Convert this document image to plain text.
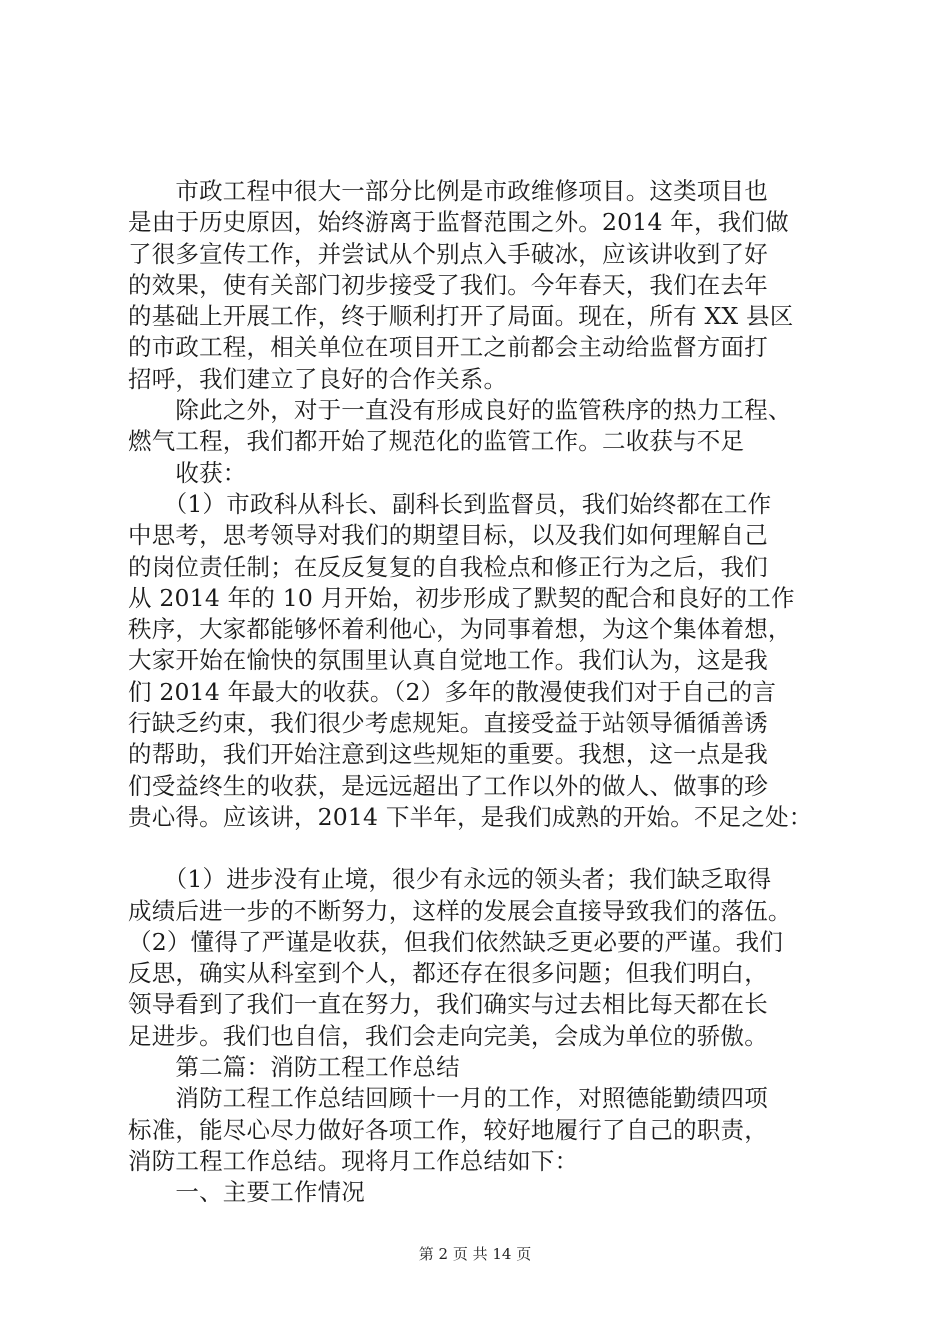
　　市政工程中很大一部分比例是市政维修项目。这类项目也
是由于历史原因，始终游离于监督范围之外。2014 年，我们做
了很多宣传工作，并尝试从个别点入手破冰，应该讲收到了好
的效果，使有关部门初步接受了我们。今年春天，我们在去年
的基础上开展工作，终于顺利打开了局面。现在，所有 XX 县区
的市政工程，相关单位在项目开工之前都会主动给监督方面打
招呼，我们建立了良好的合作关系。
　　除此之外，对于一直没有形成良好的监管秩序的热力工程、
燃气工程，我们都开始了规范化的监管工作。二收获与不足
　　收获：
　　（1）市政科从科长、副科长到监督员，我们始终都在工作
中思考，思考领导对我们的期望目标，以及我们如何理解自己
的岗位责任制；在反反复复的自我检点和修正行为之后，我们
从 2014 年的 10 月开始，初步形成了默契的配合和良好的工作
秩序，大家都能够怀着利他心，为同事着想，为这个集体着想，
大家开始在愉快的氛围里认真自觉地工作。我们认为，这是我
们 2014 年最大的收获。（2）多年的散漫使我们对于自己的言
行缺乏约束，我们很少考虑规矩。直接受益于站领导循循善诱
的帮助，我们开始注意到这些规矩的重要。我想，这一点是我
们受益终生的收获，是远远超出了工作以外的做人、做事的珍
贵心得。应该讲，2014 下半年，是我们成熟的开始。不足之处：
　　（1）进步没有止境，很少有永远的领头者；我们缺乏取得
成绩后进一步的不断努力，这样的发展会直接导致我们的落伍。
（2）懂得了严谨是收获，但我们依然缺乏更必要的严谨。我们
反思，确实从科室到个人，都还存在很多问题；但我们明白，
领导看到了我们一直在努力，我们确实与过去相比每天都在长
足进步。我们也自信，我们会走向完美，会成为单位的骄傲。
　　第二篇：消防工程工作总结
　　消防工程工作总结回顾十一月的工作，对照德能勤绩四项
标准，能尽心尽力做好各项工作，较好地履行了自己的职责，
消防工程工作总结。现将月工作总结如下：
　　一、主要工作情况
第 2 页 共 14 页
